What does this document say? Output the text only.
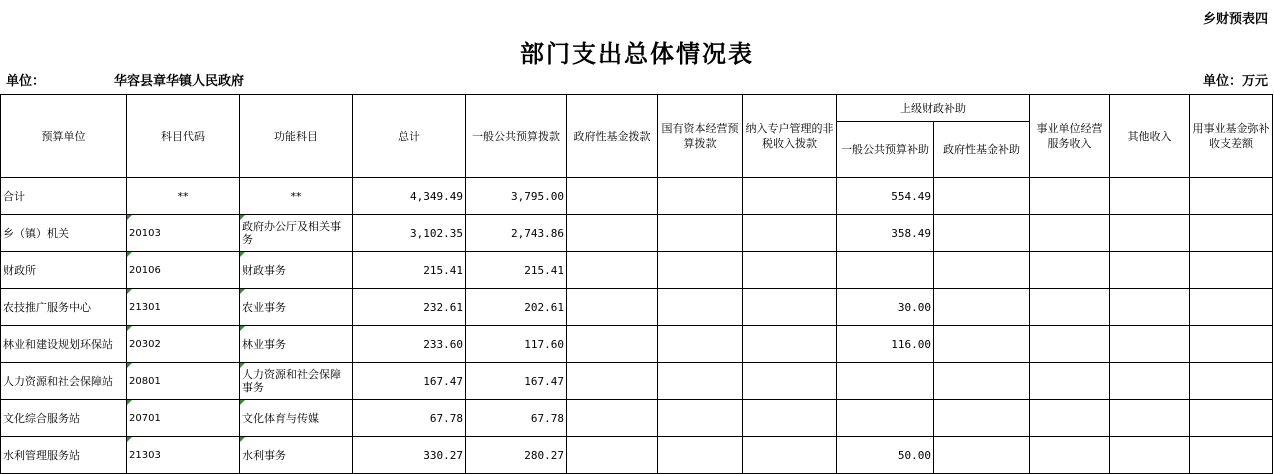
乡财预表四
部门支出总体情况表
单位：	华容县章华镇人民政府	单位：万元
预算单位	科目代码	功能科目	总计	一般公共预算拨款	政府性基金拨款	国有资本经营预算拨款	纳入专户管理的非税收入拨款	上级财政补助		事业单位经营服务收入	其他收入	用事业基金弥补收支差额
								一般公共预算补助	政府性基金补助			
合计	**	**	4,349.49	3,795.00				554.49				
乡（镇）机关	20103	政府办公厅及相关事务	3,102.35	2,743.86				358.49				
财政所	20106	财政事务	215.41	215.41								
农技推广服务中心	21301	农业事务	232.61	202.61				30.00				
林业和建设规划环保站	20302	林业事务	233.60	117.60				116.00				
人力资源和社会保障站	20801	人力资源和社会保障事务	167.47	167.47								
文化综合服务站	20701	文化体育与传媒	67.78	67.78								
水利管理服务站	21303	水利事务	330.27	280.27				50.00				
